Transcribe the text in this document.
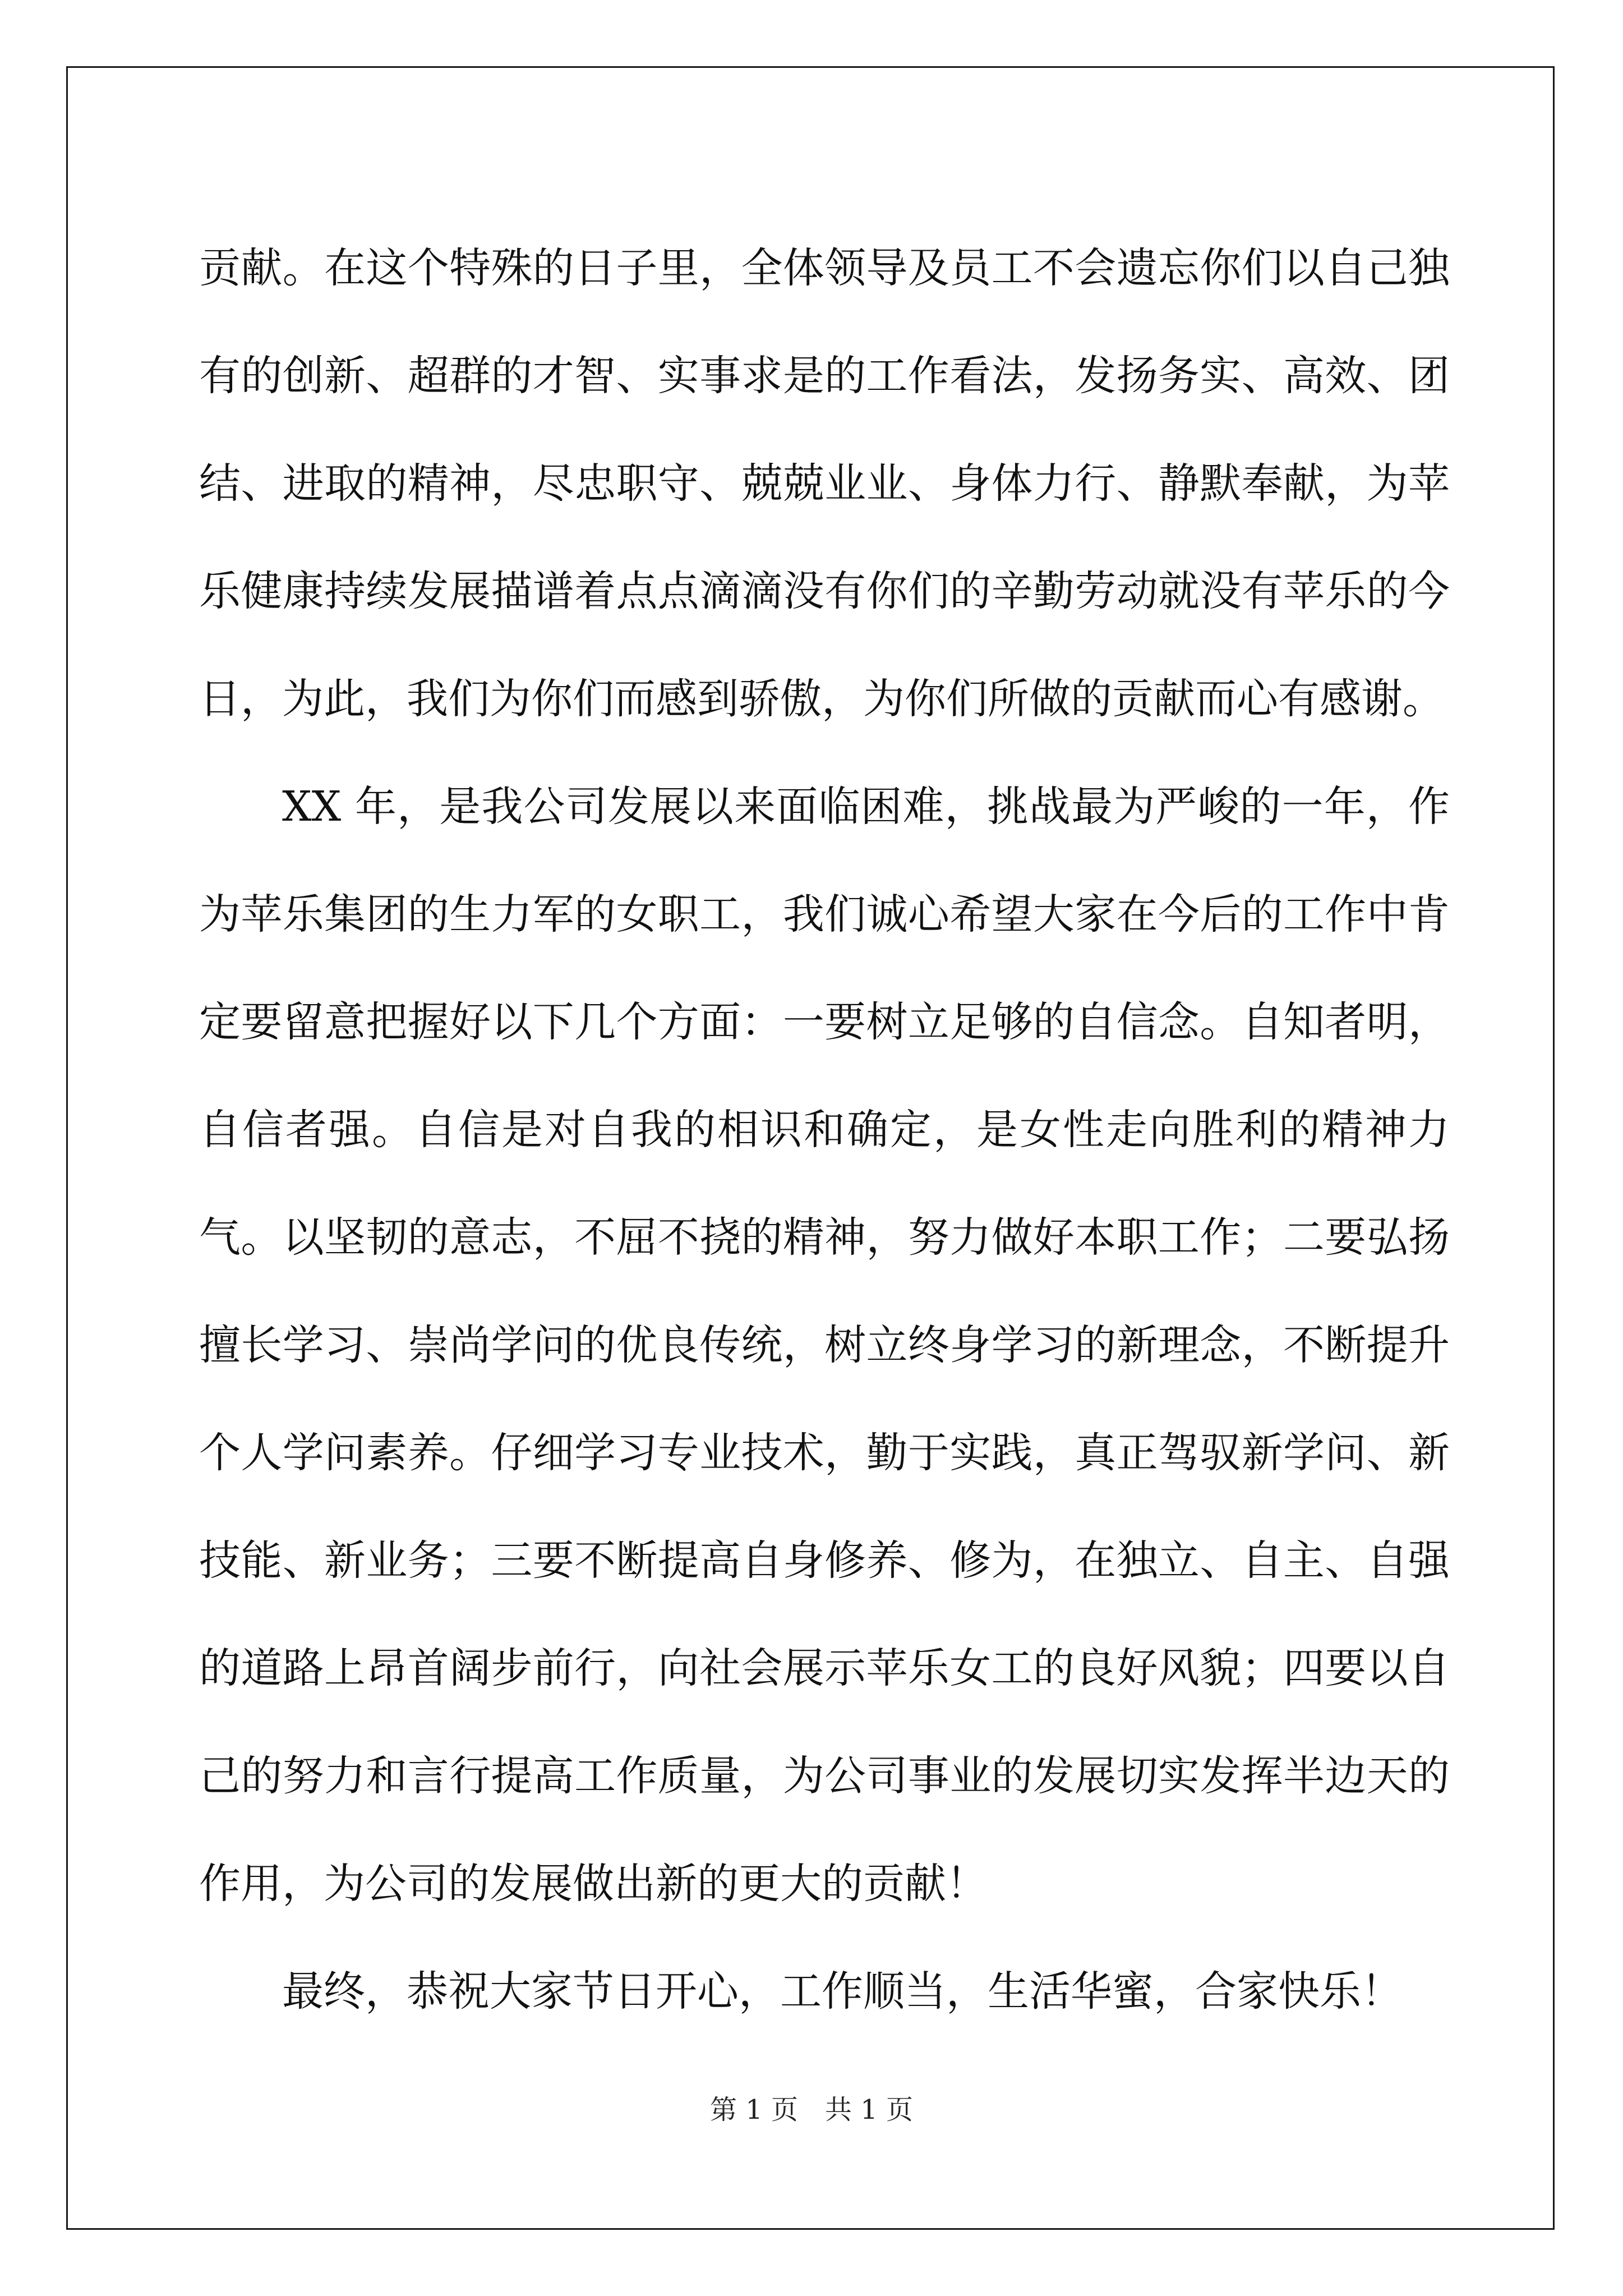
贡献。在这个特殊的日子里，全体领导及员工不会遗忘你们以自己独有的创新、超群的才智、实事求是的工作看法，发扬务实、高效、团结、进取的精神，尽忠职守、兢兢业业、身体力行、静默奉献，为苹乐健康持续发展描谱着点点滴滴没有你们的辛勤劳动就没有苹乐的今日，为此，我们为你们而感到骄傲，为你们所做的贡献而心有感谢。

XX 年，是我公司发展以来面临困难，挑战最为严峻的一年，作为苹乐集团的生力军的女职工，我们诚心希望大家在今后的工作中肯定要留意把握好以下几个方面：一要树立足够的自信念。自知者明，自信者强。自信是对自我的相识和确定，是女性走向胜利的精神力气。以坚韧的意志，不屈不挠的精神，努力做好本职工作；二要弘扬擅长学习、崇尚学问的优良传统，树立终身学习的新理念，不断提升个人学问素养。仔细学习专业技术，勤于实践，真正驾驭新学问、新技能、新业务；三要不断提高自身修养、修为，在独立、自主、自强的道路上昂首阔步前行，向社会展示苹乐女工的良好风貌；四要以自己的努力和言行提高工作质量，为公司事业的发展切实发挥半边天的作用，为公司的发展做出新的更大的贡献！

最终，恭祝大家节日开心，工作顺当，生活华蜜，合家快乐！

第 1 页 共 1 页
